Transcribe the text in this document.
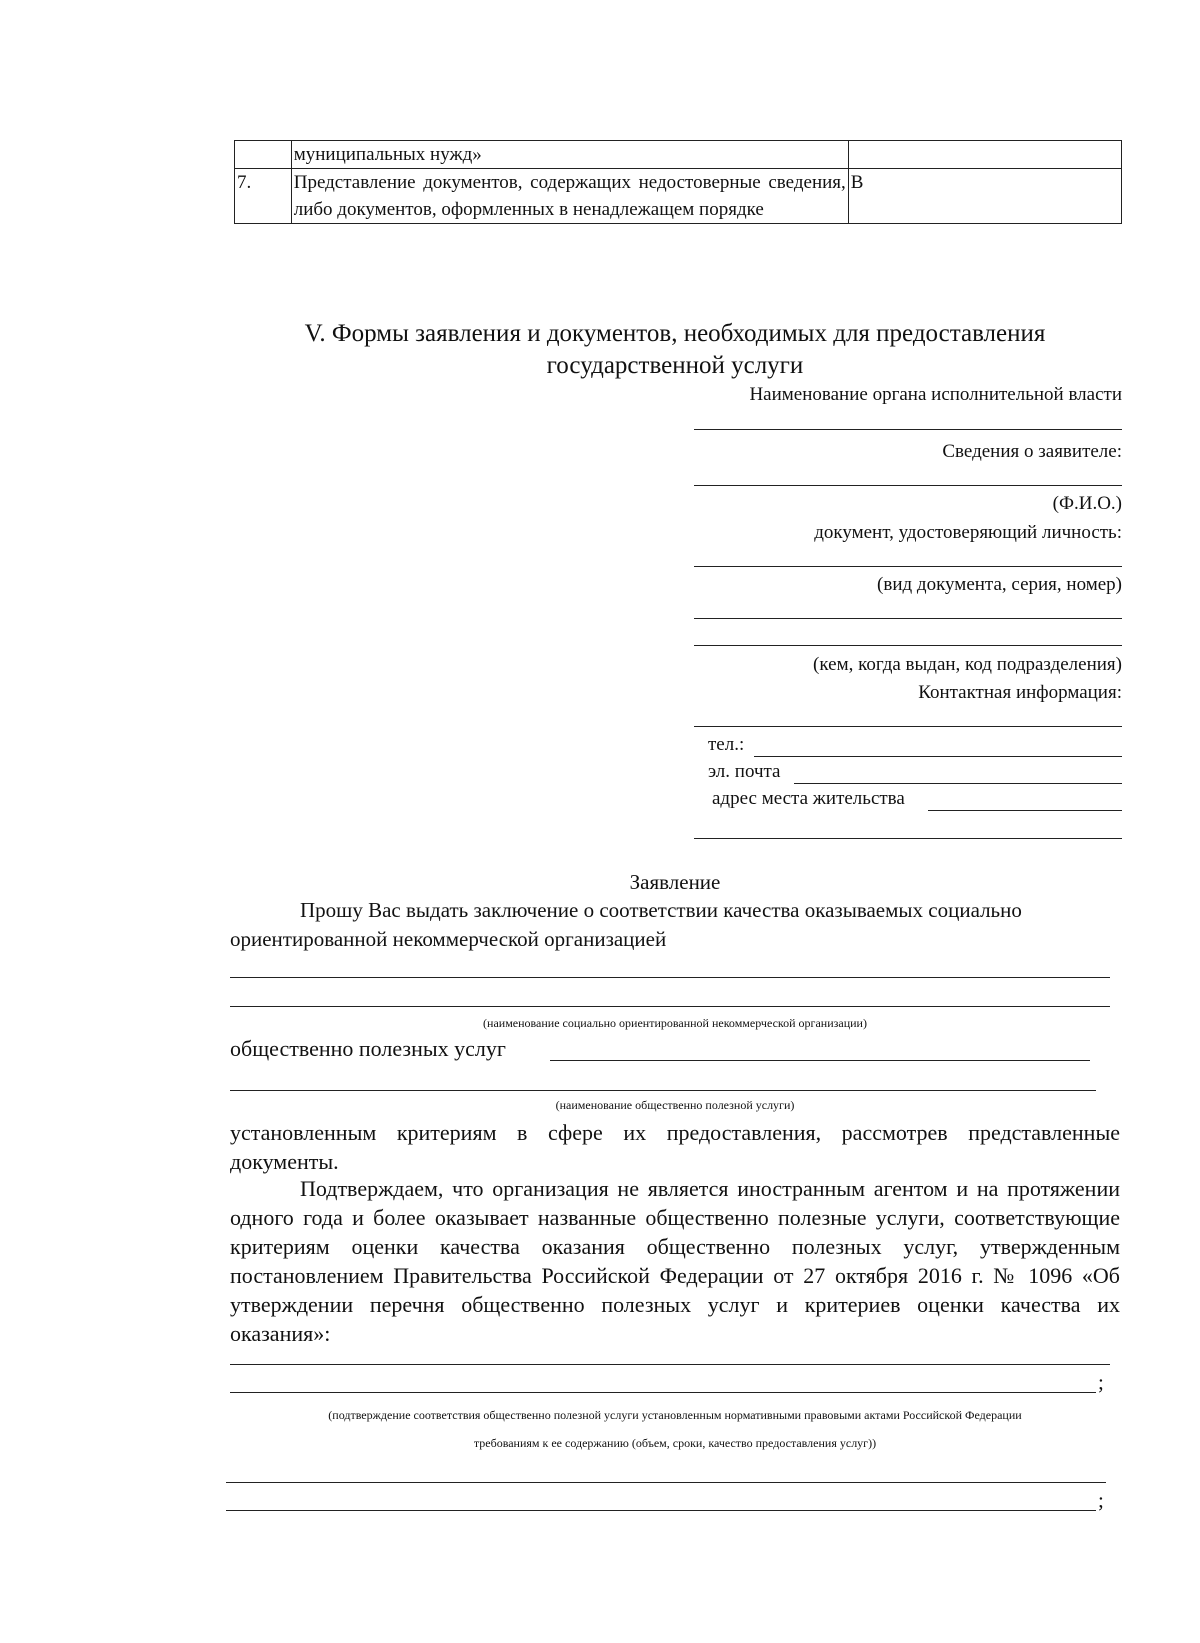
	муниципальных нужд»	
7.	Представление документов, содержащих недостоверные сведения, либо документов, оформленных в ненадлежащем порядке	В
V. Формы заявления и документов, необходимых для предоставления
государственной услуги
Наименование органа исполнительной власти
Сведения о заявителе:
(Ф.И.О.)
документ, удостоверяющий личность:
(вид документа, серия, номер)
(кем, когда выдан, код подразделения)
Контактная информация:
тел.:
эл. почта
адрес места жительства
Заявление
Прошу Вас выдать заключение о соответствии качества оказываемых социально
ориентированной некоммерческой организацией
(наименование социально ориентированной некоммерческой организации)
общественно полезных услуг
(наименование общественно полезной услуги)
установленным критериям в сфере их предоставления, рассмотрев представленные документы.
Подтверждаем, что организация не является иностранным агентом и на протяжении одного года и более оказывает названные общественно полезные услуги, соответствующие критериям оценки качества оказания общественно полезных услуг, утвержденным постановлением Правительства Российской Федерации от 27 октября 2016 г. № 1096 «Об утверждении перечня общественно полезных услуг и критериев оценки качества их оказания»:
;
(подтверждение соответствия общественно полезной услуги установленным нормативными правовыми актами Российской Федерации
требованиям к ее содержанию (объем, сроки, качество предоставления услуг))
;
